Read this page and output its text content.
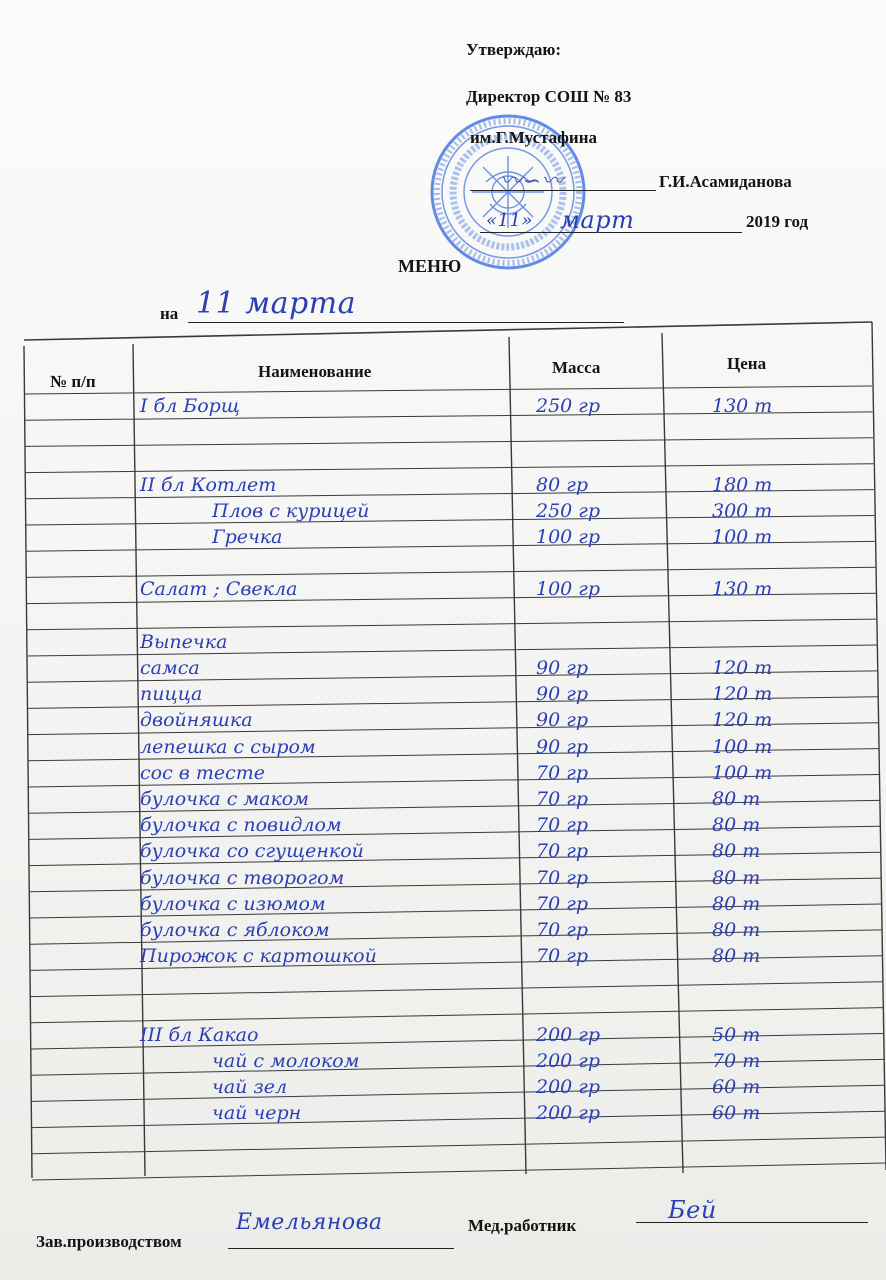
Утверждаю:
Директор СОШ № 83
им.Г.Мустафина
Г.И.Асамиданова
〰∽〰
«11» март	2019 год
МЕНЮ
на 11 марта
№ п/п
Наименование	Масса	Цена
I бл Борщ	250 гр	130 т
II бл Котлет	80 гр	180 т
Плов с курицей	250 гр	300 т
Гречка	100 гр	100 т
Салат ; Свекла	100 гр	130 т
Выпечка
самса	90 гр	120 т
пицца	90 гр	120 т
двойняшка	90 гр	120 т
лепешка с сыром	90 гр	100 т
сос в тесте	70 гр	100 т
булочка с маком	70 гр	80 т
булочка с повидлом	70 гр	80 т
булочка со сгущенкой	70 гр	80 т
булочка с творогом	70 гр	80 т
булочка с изюмом	70 гр	80 т
булочка с яблоком	70 гр	80 т
Пирожок с картошкой	70 гр	80 т
III бл Какао	200 гр	50 т
чай с молоком	200 гр	70 т
чай зел	200 гр	60 т
чай черн	200 гр	60 т
Зав.производством
Емельянова	Мед.работник
Бей
